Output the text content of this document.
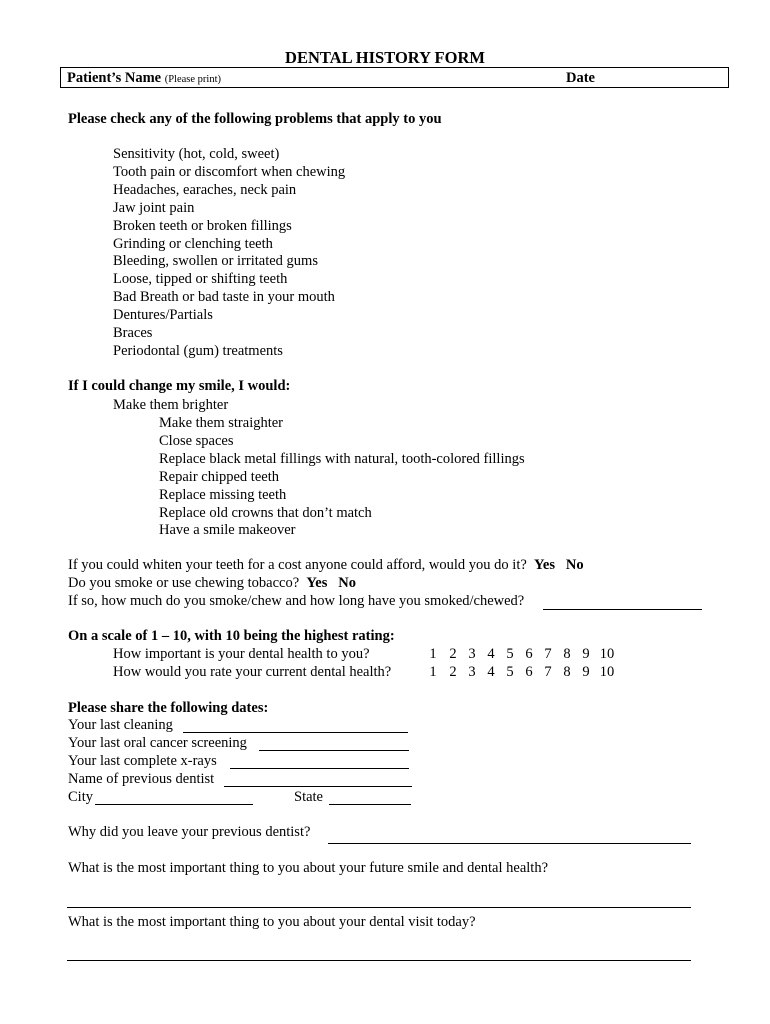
DENTAL HISTORY FORM
Patient’s Name (Please print)	Date
Please check any of the following problems that apply to you
Sensitivity (hot, cold, sweet)
Tooth pain or discomfort when chewing
Headaches, earaches, neck pain
Jaw joint pain
Broken teeth or broken fillings
Grinding or clenching teeth
Bleeding, swollen or irritated gums
Loose, tipped or shifting teeth
Bad Breath or bad taste in your mouth
Dentures/Partials
Braces
Periodontal (gum) treatments
If I could change my smile, I would:
Make them brighter
Make them straighter
Close spaces
Replace black metal fillings with natural, tooth-colored fillings
Repair chipped teeth
Replace missing teeth
Replace old crowns that don’t match
Have a smile makeover
If you could whiten your teeth for a cost anyone could afford, would you do it? Yes No
Do you smoke or use chewing tobacco? Yes No
If so, how much do you smoke/chew and how long have you smoked/chewed?
On a scale of 1 – 10, with 10 being the highest rating:
How important is your dental health to you?
How would you rate your current dental health?
1 2 3 4 5 6 7 8 9 10
1 2 3 4 5 6 7 8 9 10
Please share the following dates:
Your last cleaning
Your last oral cancer screening
Your last complete x-rays
Name of previous dentist
City	State
Why did you leave your previous dentist?
What is the most important thing to you about your future smile and dental health?
What is the most important thing to you about your dental visit today?
